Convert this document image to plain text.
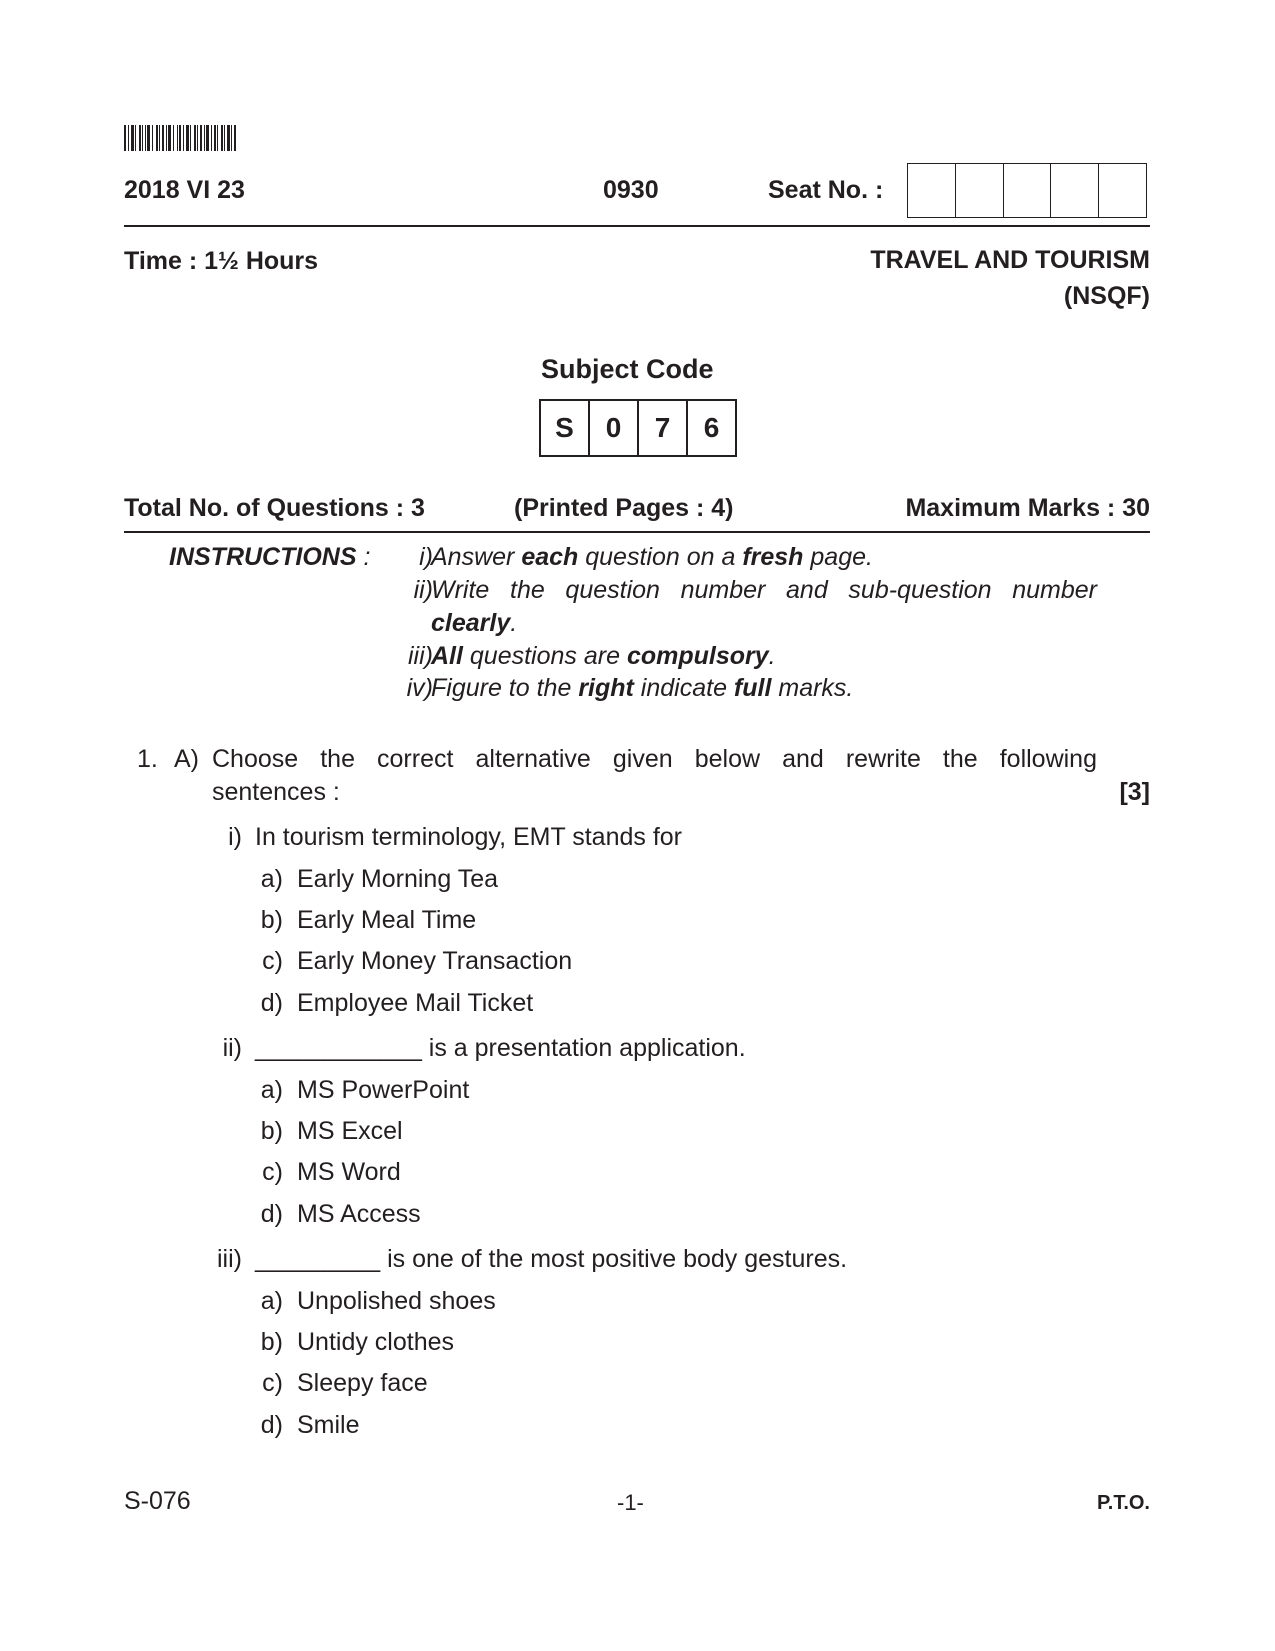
2018 VI 23	0930	Seat No. :
Time : 1½ Hours	TRAVEL AND TOURISM
(NSQF)
Subject Code
S	0	7	6
Total No. of Questions : 3	(Printed Pages : 4)	Maximum Marks : 30
INSTRUCTIONS : i)
Answer each question on a fresh page.
ii)
Write the question number and sub-question number
clearly.
iii)
All questions are compulsory.
iv)
Figure to the right indicate full marks.
1. A) Choose the correct alternative given below and rewrite the following
sentences :	[3]
i) In tourism terminology, EMT stands for
a) Early Morning Tea
b) Early Meal Time
c) Early Money Transaction
d) Employee Mail Ticket
ii) ____________ is a presentation application.
a) MS PowerPoint
b) MS Excel
c) MS Word
d) MS Access
iii) _________ is one of the most positive body gestures.
a) Unpolished shoes
b) Untidy clothes
c) Sleepy face
d) Smile
S-076	-1-	P.T.O.
